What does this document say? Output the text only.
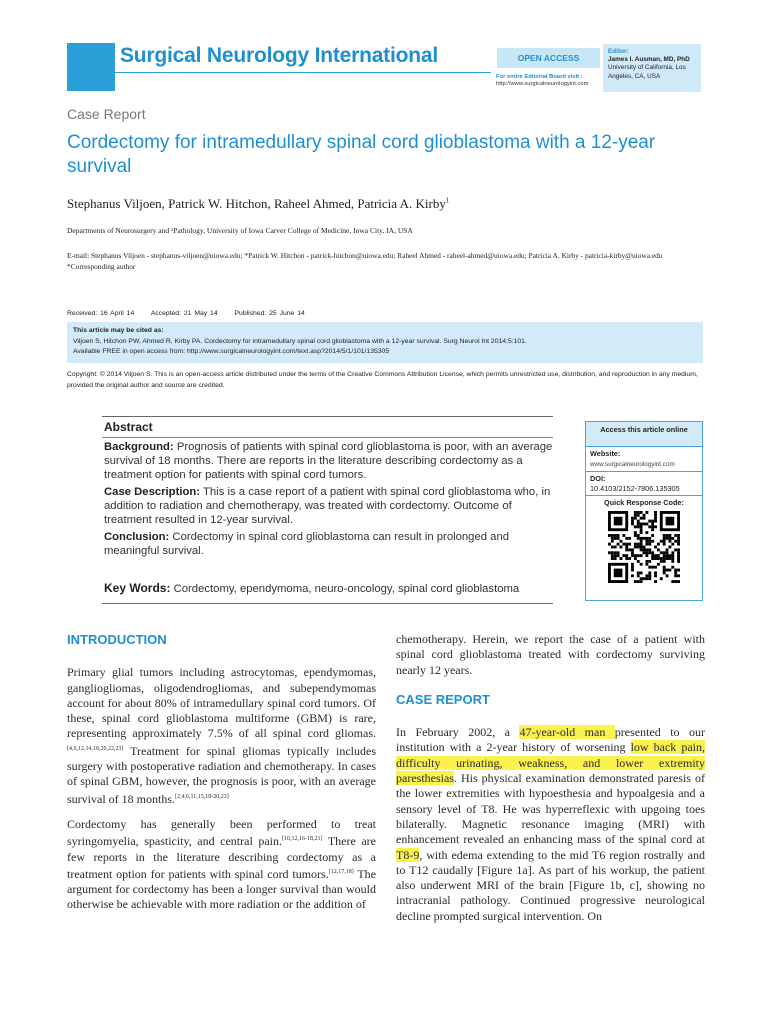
Surgical Neurology International	OPEN ACCESS
For entire Editorial Board visit :
http://www.surgicalneurologyint.com
Editor:
James I. Ausman, MD, PhD
University of California, Los
Angeles, CA, USA
Case Report
Cordectomy for intramedullary spinal cord glioblastoma with a 12-year survival
Stephanus Viljoen, Patrick W. Hitchon, Raheel Ahmed, Patricia A. Kirby$^1$
Departments of Neurosurgery and ¹Pathology, University of Iowa Carver College of Medicine, Iowa City, IA, USA
E-mail: Stephanus Viljoen - stephanus-viljoen@uiowa.edu; *Patrick W. Hitchon - patrick-hitchon@uiowa.edu; Raheel Ahmed - raheel-ahmed@uiowa.edu; Patricia A. Kirby - patricia-kirby@uiowa.edu
*Corresponding author
Received: 16 April 14 Accepted: 21 May 14 Published: 25 June 14
This article may be cited as:
Viljoen S, Hitchon PW, Ahmed R, Kirby PA. Cordectomy for intramedullary spinal cord glioblastoma with a 12-year survival. Surg Neurol Int 2014;5:101.
Available FREE in open access from: http://www.surgicalneurologyint.com/text.asp?2014/5/1/101/135305
Copyright: © 2014 Viljoen S. This is an open-access article distributed under the terms of the Creative Commons Attribution License, which permits unrestricted use, distribution, and reproduction in any medium, provided the original author and source are credited.
Abstract
Background: Prognosis of patients with spinal cord glioblastoma is poor, with an average survival of 18 months. There are reports in the literature describing cordectomy as a treatment option for patients with spinal cord tumors.
Case Description: This is a case report of a patient with spinal cord glioblastoma who, in addition to radiation and chemotherapy, was treated with cordectomy. Outcome of treatment resulted in 12-year survival.
Conclusion: Cordectomy in spinal cord glioblastoma can result in prolonged and meaningful survival.
Key Words: Cordectomy, ependymoma, neuro-oncology, spinal cord glioblastoma
Access this article online
Website:
www.surgicalneurologyint.com
DOI:
10.4103/2152-7806.135305
Quick Response Code:
INTRODUCTION
Primary glial tumors including astrocytomas, ependymomas, gangliogliomas, oligodendrogliomas, and subependymomas account for about 80% of intramedullary spinal cord tumors. Of these, spinal cord glioblastoma multiforme (GBM) is rare, representing approximately 7.5% of all spinal cord gliomas.[4,6,12,14,18,20,22,23] Treatment for spinal gliomas typically includes surgery with postoperative radiation and chemotherapy. In cases of spinal GBM, however, the prognosis is poor, with an average survival of 18 months.[2,4,6,11,15,18-20,23]
Cordectomy has generally been performed to treat syringomyelia, spasticity, and central pain.[10,12,16-18,21] There are few reports in the literature describing cordectomy as a treatment option for patients with spinal cord tumors.[12,17,18] The argument for cordectomy has been a longer survival than would otherwise be achievable with more radiation or the addition of
chemotherapy. Herein, we report the case of a patient with spinal cord glioblastoma treated with cordectomy surviving nearly 12 years.
CASE REPORT
In February 2002, a 47-year-old man presented to our institution with a 2-year history of worsening low back pain, difficulty urinating, weakness, and lower extremity paresthesias. His physical examination demonstrated paresis of the lower extremities with hypoesthesia and hypoalgesia and a sensory level of T8. He was hyperreflexic with upgoing toes bilaterally. Magnetic resonance imaging (MRI) with enhancement revealed an enhancing mass of the spinal cord at T8-9, with edema extending to the mid T6 region rostrally and to T12 caudally [Figure 1a]. As part of his workup, the patient also underwent MRI of the brain [Figure 1b, c], showing no intracranial pathology. Continued progressive neurological decline prompted surgical intervention. On
